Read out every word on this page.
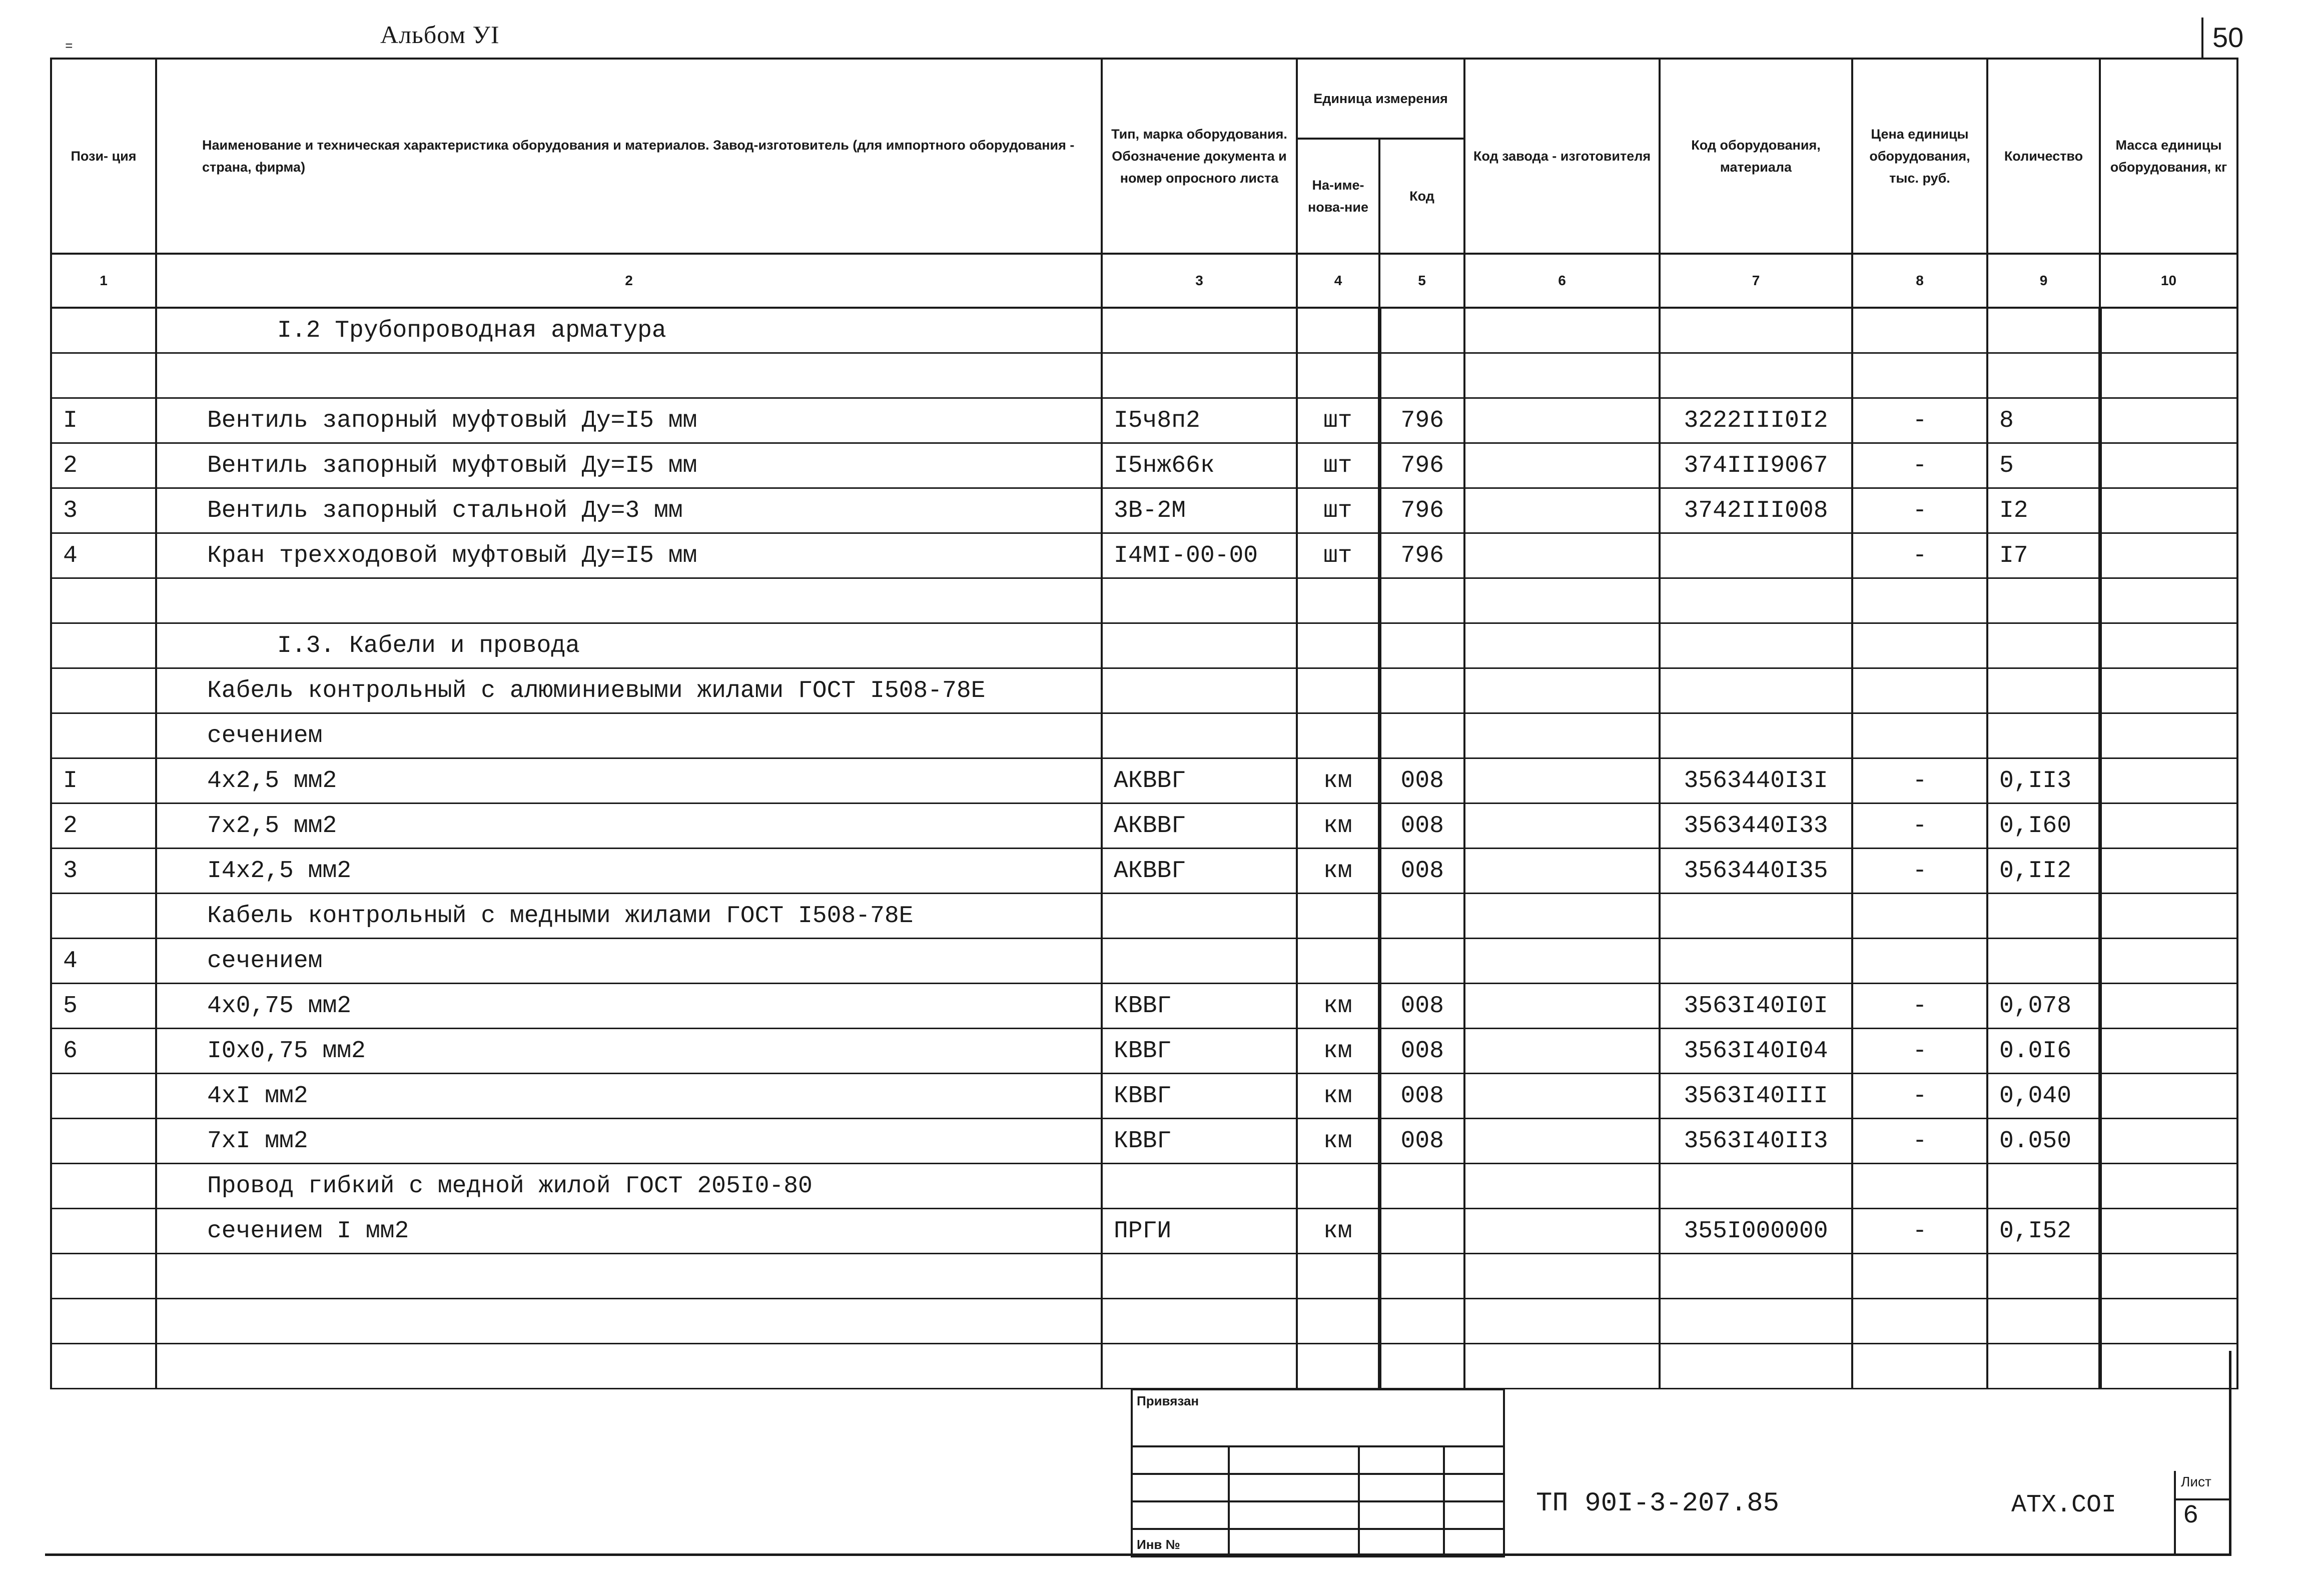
=	Альбом УI	50
Пози- ция	Наименование и техническая характеристика оборудования и материалов. Завод-изготовитель (для импортного оборудования - страна, фирма)	Тип, марка оборудования. Обозначение документа и номер опросного листа	Единица измерения		Код завода - изготовителя	Код оборудования, материала	Цена единицы оборудования, тыс. руб.	Количество	Масса единицы оборудования, кг
			На-име-нова-ние	Код					
1	2	3	4	5	6	7	8	9	10
	I.2 Трубопроводная арматура								

I	Вентиль запорный муфтовый Ду=I5 мм	I5ч8п2	шт	796		3222III0I2	-	8	
2	Вентиль запорный муфтовый Ду=I5 мм	I5нж66к	шт	796		374III9067	-	5	
3	Вентиль запорный стальной Ду=3 мм	3В-2М	шт	796		3742III008	-	I2	
4	Кран трехходовой муфтовый Ду=I5 мм	I4MI-00-00	шт	796			-	I7	

	I.3. Кабели и провода								
	Кабель контрольный с алюминиевыми жилами ГОСТ I508-78Е								
	сечением								
I	4х2,5 мм2	АКВВГ	км	008		3563440I3I	-	0,II3	
2	7х2,5 мм2	АКВВГ	км	008		3563440I33	-	0,I60	
3	I4х2,5 мм2	АКВВГ	км	008		3563440I35	-	0,II2	
	Кабель контрольный с медными жилами ГОСТ I508-78Е								
4	сечением								
5	4х0,75 мм2	КВВГ	км	008		3563I40I0I	-	0,078	
6	I0х0,75 мм2	КВВГ	км	008		3563I40I04	-	0.0I6	
	4хI мм2	КВВГ	км	008		3563I40III	-	0,040	
	7хI мм2	КВВГ	км	008		3563I40II3	-	0.050	
	Провод гибкий с медной жилой ГОСТ 205I0-80								
	сечением I мм2	ПРГИ	км			355I000000	-	0,I52	

Привязан
Инв №
ТП 90I-3-207.85	АТХ.СОI
Лист
6
